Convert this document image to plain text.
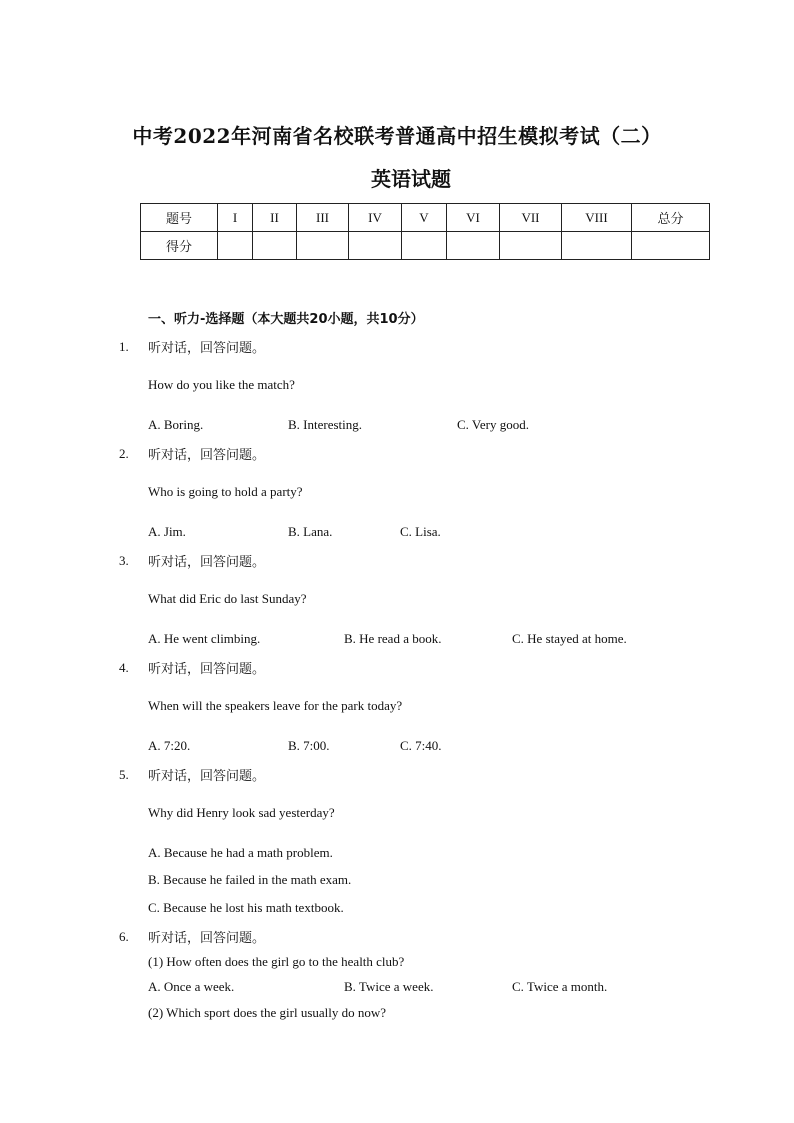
中考2022年河南省名校联考普通高中招生模拟考试（二）
英语试题
题号	I	II	III	IV	V	VI	VII	VIII	总分
得分									
一、听力-选择题（本大题共20小题，共10分）
1. 听对话，回答问题。
How do you like the match?
A. Boring.	B. Interesting.	C. Very good.
2. 听对话，回答问题。
Who is going to hold a party?
A. Jim.	B. Lana.	C. Lisa.
3. 听对话，回答问题。
What did Eric do last Sunday?
A. He went climbing.	B. He read a book.	C. He stayed at home.
4. 听对话，回答问题。
When will the speakers leave for the park today?
A. 7:20.	B. 7:00.	C. 7:40.
5. 听对话，回答问题。
Why did Henry look sad yesterday?
A. Because he had a math problem.
B. Because he failed in the math exam.
C. Because he lost his math textbook.
6. 听对话，回答问题。
(1) How often does the girl go to the health club?
A. Once a week.	B. Twice a week.	C. Twice a month.
(2) Which sport does the girl usually do now?
